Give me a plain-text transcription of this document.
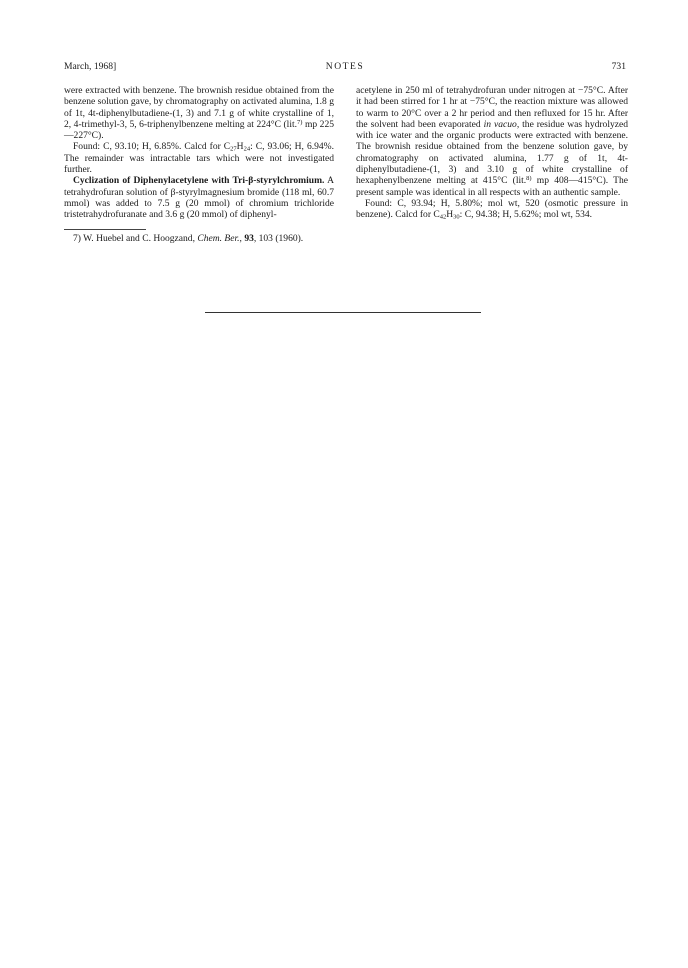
March, 1968]	NOTES	731

were extracted with benzene. The brownish residue obtained from the benzene solution gave, by chromatography on activated alumina, 1.8 g of 1t, 4t-diphenylbutadiene-(1, 3) and 7.1 g of white crystalline of 1, 2, 4-trimethyl-3, 5, 6-triphenylbenzene melting at 224°C (lit.$^{7)}$ mp 225—227°C).

Found: C, 93.10; H, 6.85%. Calcd for $C_{27}H_{24}$: C, 93.06; H, 6.94%. The remainder was intractable tars which were not investigated further.

Cyclization of Diphenylacetylene with Tri-β-styrylchromium. A tetrahydrofuran solution of β-styrylmagnesium bromide (118 ml, 60.7 mmol) was added to 7.5 g (20 mmol) of chromium trichloride tristetrahydrofuranate and 3.6 g (20 mmol) of diphenyl-

7) W. Huebel and C. Hoogzand, Chem. Ber., 93, 103 (1960).

acetylene in 250 ml of tetrahydrofuran under nitrogen at −75°C. After it had been stirred for 1 hr at −75°C, the reaction mixture was allowed to warm to 20°C over a 2 hr period and then refluxed for 15 hr. After the solvent had been evaporated in vacuo, the residue was hydrolyzed with ice water and the organic products were extracted with benzene. The brownish residue obtained from the benzene solution gave, by chromatography on activated alumina, 1.77 g of 1t, 4t-diphenylbutadiene-(1, 3) and 3.10 g of white crystalline of hexaphenylbenzene melting at 415°C (lit.$^{8)}$ mp 408—415°C). The present sample was identical in all respects with an authentic sample.

Found: C, 93.94; H, 5.80%; mol wt, 520 (osmotic pressure in benzene). Calcd for $C_{42}H_{30}$: C, 94.38; H, 5.62%; mol wt, 534.
